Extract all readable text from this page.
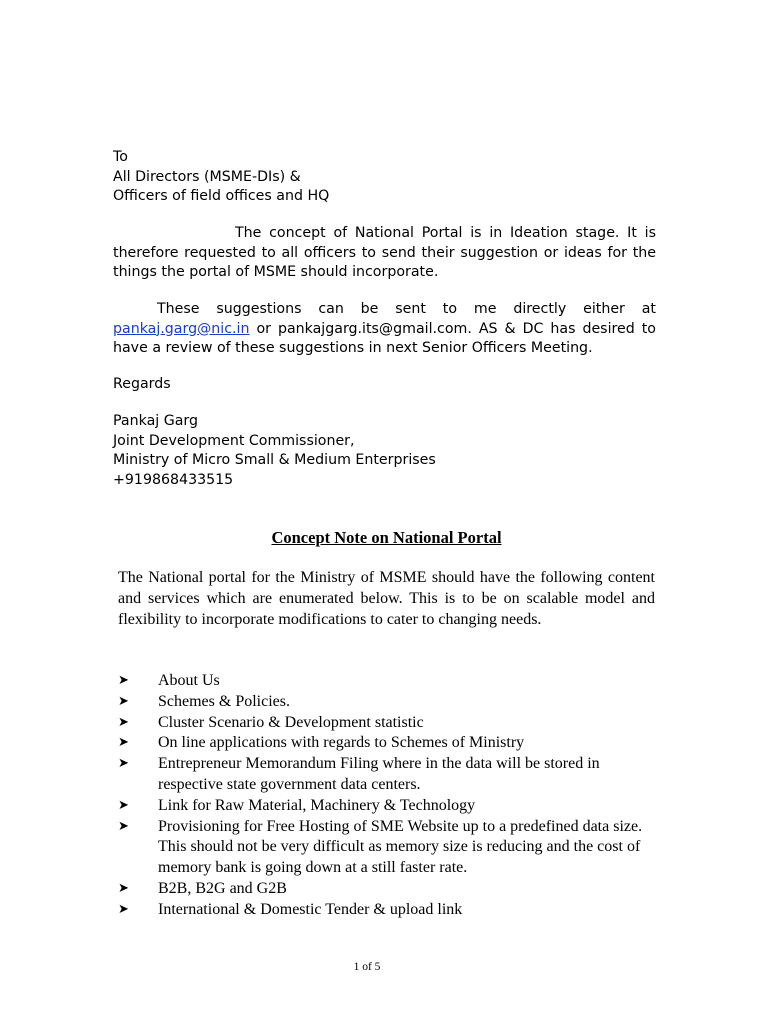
To
All Directors (MSME-DIs) &
Officers of field offices and HQ

The concept of National Portal is in Ideation stage. It is therefore requested to all officers to send their suggestion or ideas for the things the portal of MSME should incorporate.

These suggestions can be sent to me directly either at pankaj.garg@nic.in or pankajgarg.its@gmail.com. AS & DC has desired to have a review of these suggestions in next Senior Officers Meeting.

Regards
Pankaj Garg
Joint Development Commissioner,
Ministry of Micro Small & Medium Enterprises
+919868433515
Concept Note on National Portal

The National portal for the Ministry of MSME should have the following content and services which are enumerated below. This is to be on scalable model and flexibility to incorporate modifications to cater to changing needs.

➤ About Us
➤ Schemes & Policies.
➤ Cluster Scenario & Development statistic
➤ On line applications with regards to Schemes of Ministry
➤ Entrepreneur Memorandum Filing where in the data will be stored in respective state government data centers.
➤ Link for Raw Material, Machinery & Technology
➤ Provisioning for Free Hosting of SME Website up to a predefined data size. This should not be very difficult as memory size is reducing and the cost of memory bank is going down at a still faster rate.
➤ B2B, B2G and G2B
➤ International & Domestic Tender & upload link
1 of 5
